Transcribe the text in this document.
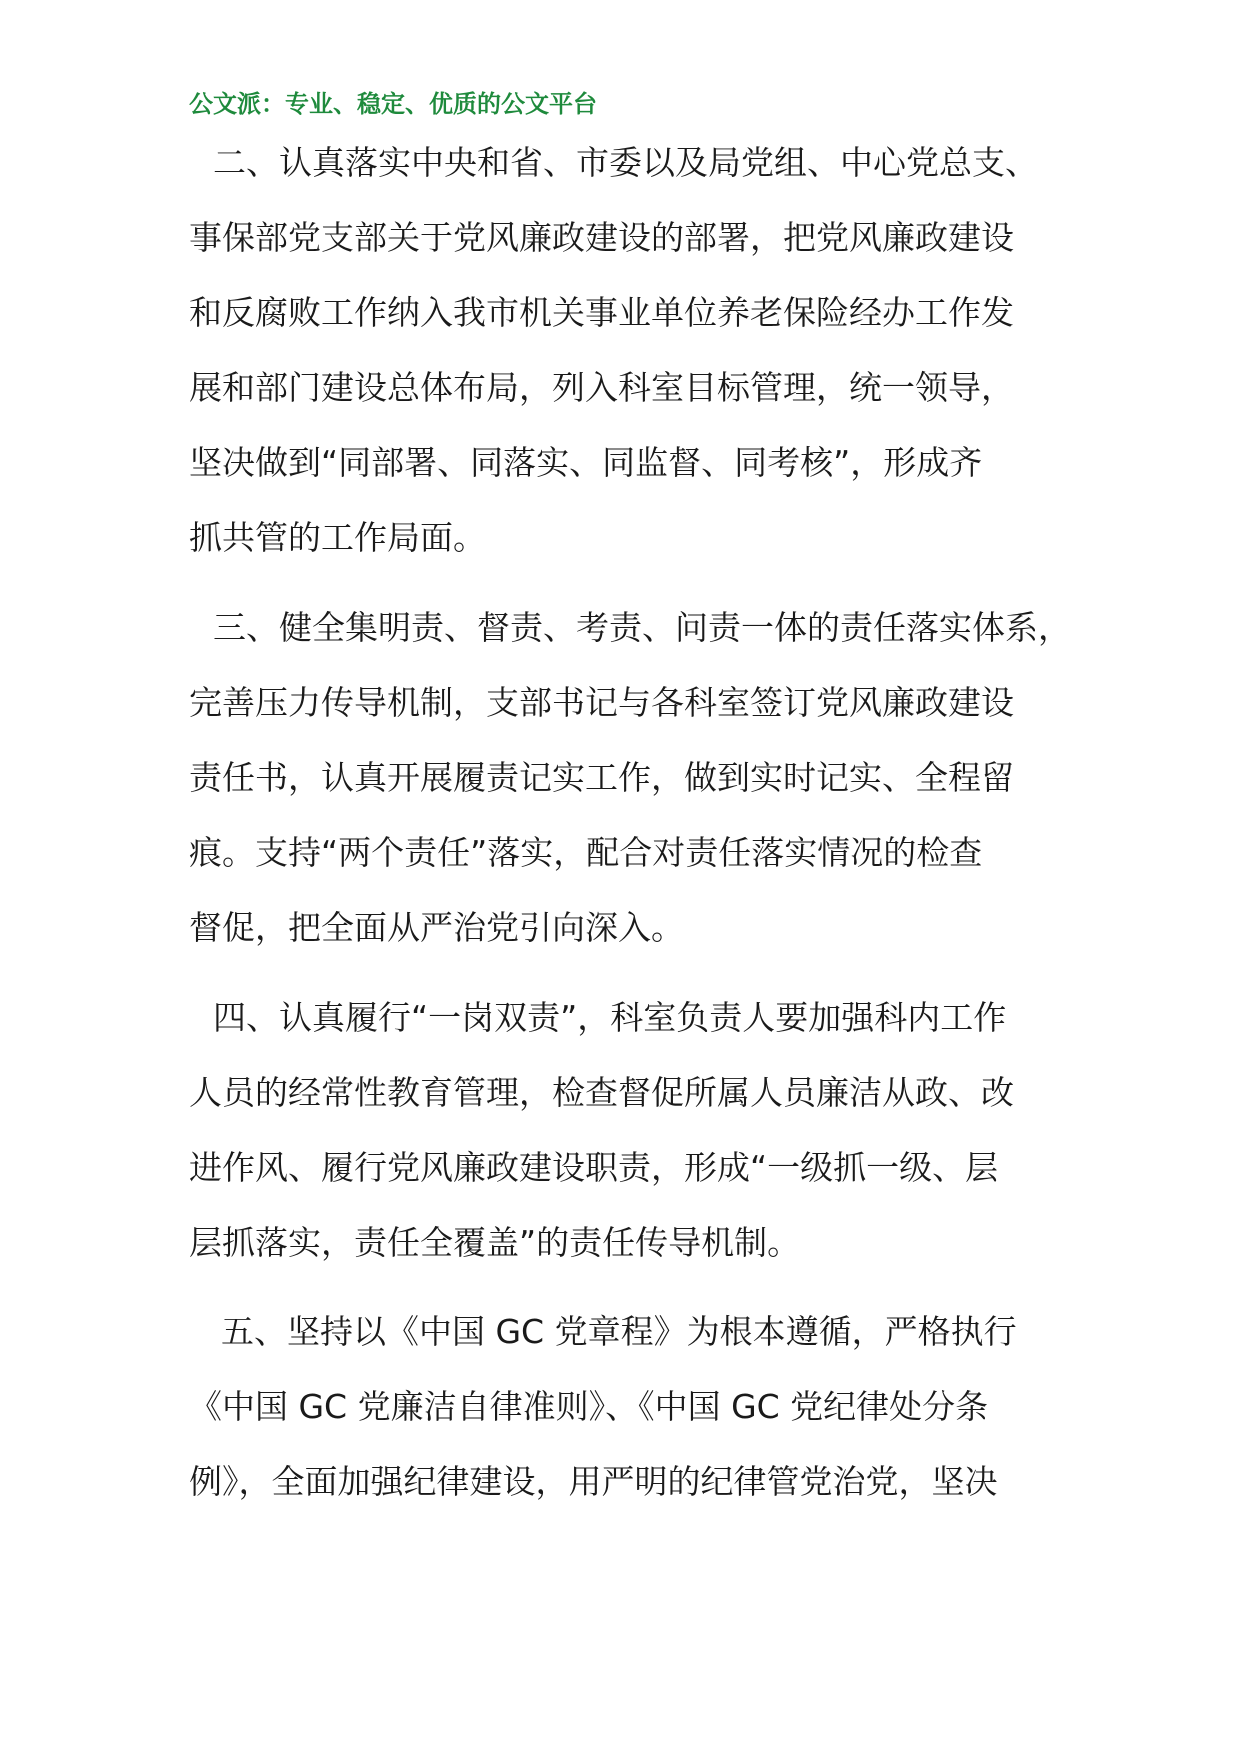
公文派：专业、稳定、优质的公文平台
二、认真落实中央和省、市委以及局党组、中心党总支、
事保部党支部关于党风廉政建设的部署，把党风廉政建设
和反腐败工作纳入我市机关事业单位养老保险经办工作发
展和部门建设总体布局，列入科室目标管理，统一领导，
坚决做到“同部署、同落实、同监督、同考核”，形成齐
抓共管的工作局面。
三、健全集明责、督责、考责、问责一体的责任落实体系，
完善压力传导机制，支部书记与各科室签订党风廉政建设
责任书，认真开展履责记实工作，做到实时记实、全程留
痕。支持“两个责任”落实，配合对责任落实情况的检查
督促，把全面从严治党引向深入。
四、认真履行“一岗双责”，科室负责人要加强科内工作
人员的经常性教育管理，检查督促所属人员廉洁从政、改
进作风、履行党风廉政建设职责，形成“一级抓一级、层
层抓落实，责任全覆盖”的责任传导机制。
五、坚持以《中国 GC 党章程》为根本遵循，严格执行
《中国 GC 党廉洁自律准则》、《中国 GC 党纪律处分条
例》，全面加强纪律建设，用严明的纪律管党治党，坚决
